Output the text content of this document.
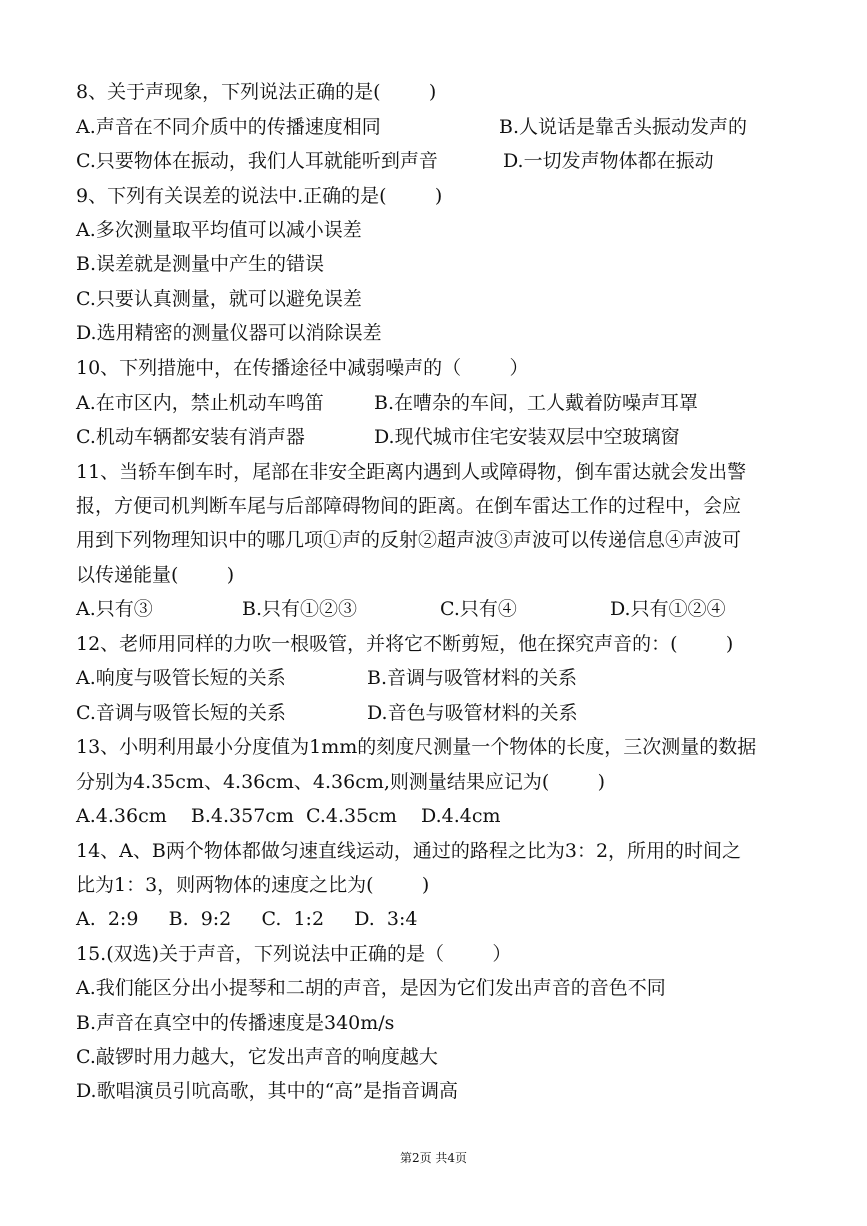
8、关于声现象，下列说法正确的是(        )
A.声音在不同介质中的传播速度相同	B.人说话是靠舌头振动发声的
C.只要物体在振动，我们人耳就能听到声音	D.一切发声物体都在振动
9、下列有关误差的说法中.正确的是(        )
A.多次测量取平均值可以减小误差
B.误差就是测量中产生的错误
C.只要认真测量，就可以避免误差
D.选用精密的测量仪器可以消除误差
10、下列措施中，在传播途径中减弱噪声的（        ）
A.在市区内，禁止机动车鸣笛	B.在嘈杂的车间，工人戴着防噪声耳罩
C.机动车辆都安装有消声器	D.现代城市住宅安装双层中空玻璃窗
11、当轿车倒车时，尾部在非安全距离内遇到人或障碍物，倒车雷达就会发出警
报，方便司机判断车尾与后部障碍物间的距离。在倒车雷达工作的过程中，会应
用到下列物理知识中的哪几项①声的反射②超声波③声波可以传递信息④声波可
以传递能量(        )
A.只有③	B.只有①②③	C.只有④	D.只有①②④
12、老师用同样的力吹一根吸管，并将它不断剪短，他在探究声音的：(        )
A.响度与吸管长短的关系	B.音调与吸管材料的关系
C.音调与吸管长短的关系	D.音色与吸管材料的关系
13、小明利用最小分度值为1mm的刻度尺测量一个物体的长度，三次测量的数据
分别为4.35cm、4.36cm、4.36cm,则测量结果应记为(        )
A.4.36cm    B.4.357cm  C.4.35cm    D.4.4cm
14、A、B两个物体都做匀速直线运动，通过的路程之比为3：2，所用的时间之
比为1：3，则两物体的速度之比为(        )
A.  2:9     B.  9:2     C.  1:2     D.  3:4
15.(双选)关于声音，下列说法中正确的是（        ）
A.我们能区分出小提琴和二胡的声音，是因为它们发出声音的音色不同
B.声音在真空中的传播速度是340m/s
C.敲锣时用力越大，它发出声音的响度越大
D.歌唱演员引吭高歌，其中的“高”是指音调高
第2页 共4页
